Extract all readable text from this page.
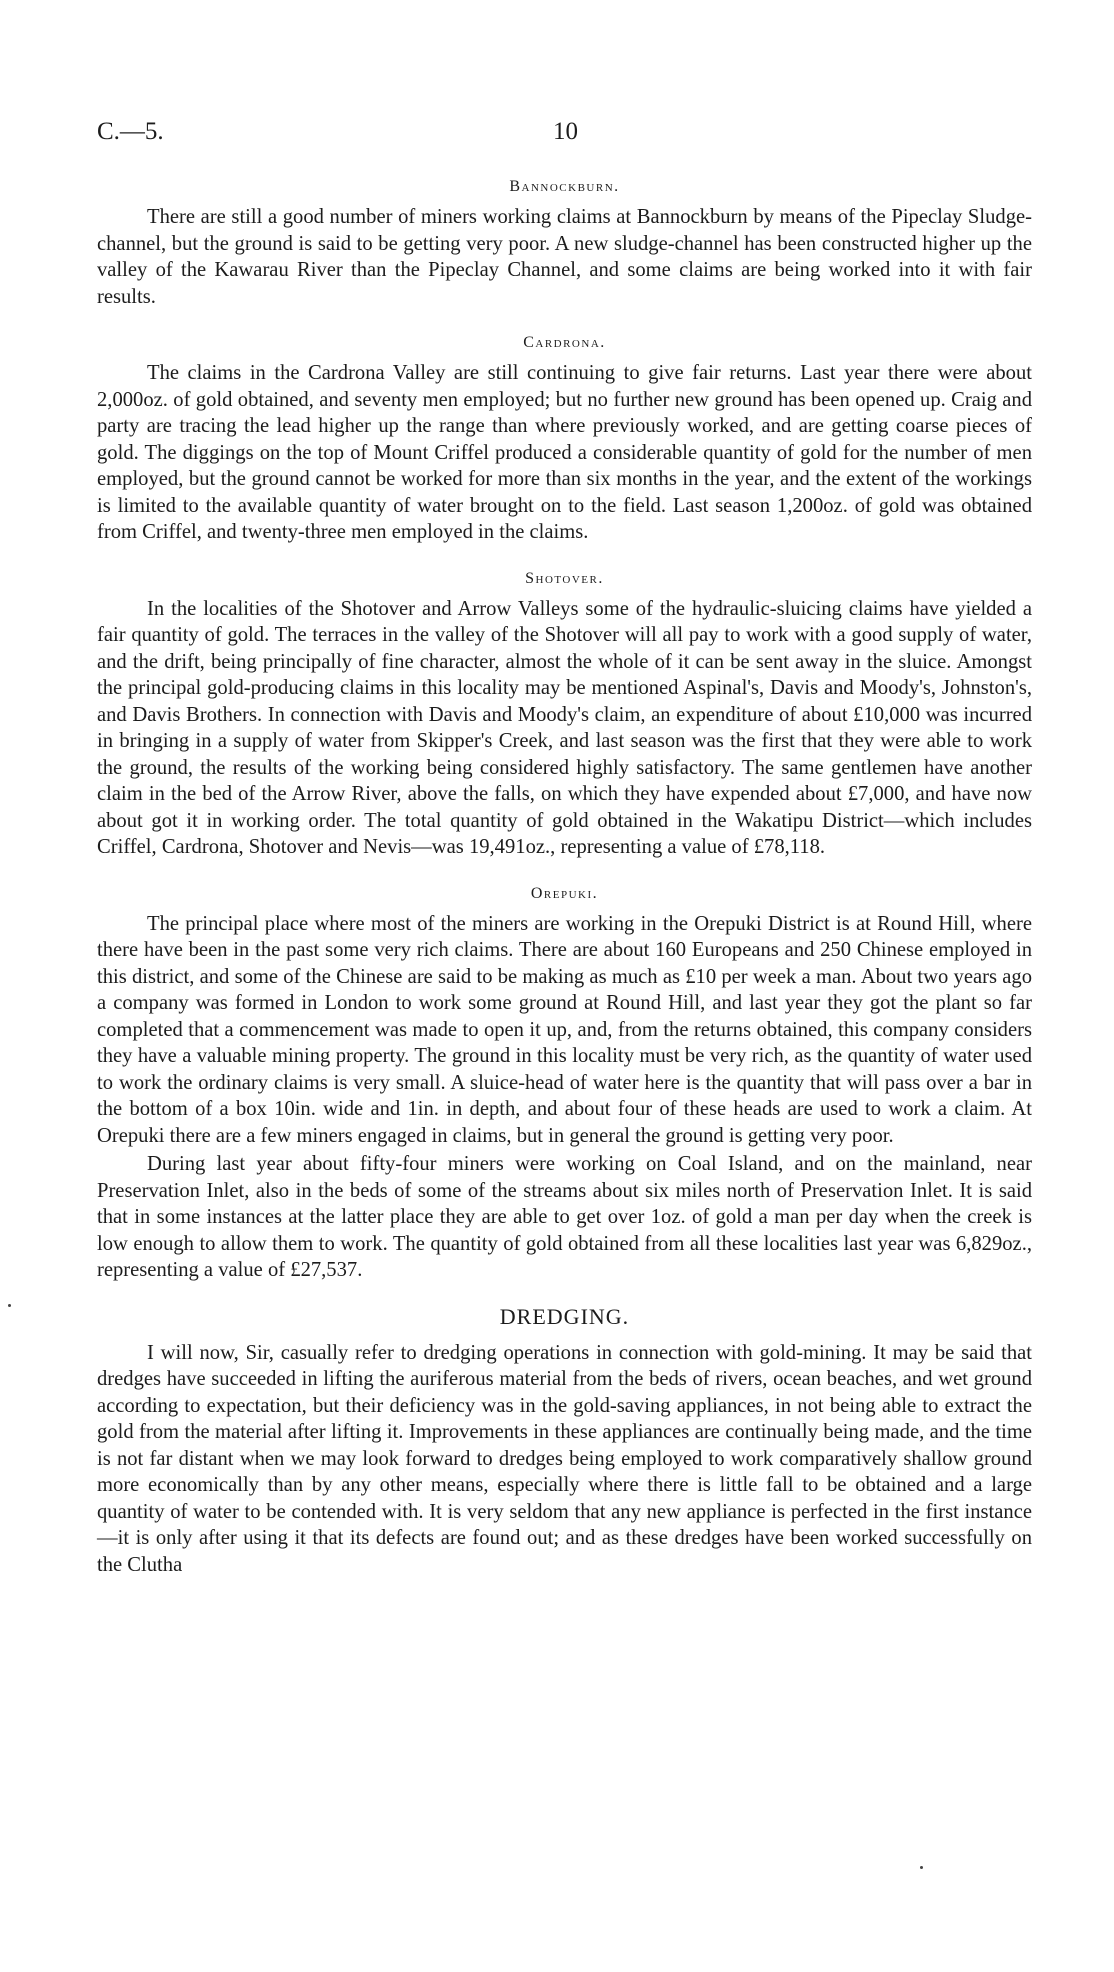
C.—5.	10
Bannockburn.

There are still a good number of miners working claims at Bannockburn by means of the Pipeclay Sludge-channel, but the ground is said to be getting very poor. A new sludge-channel has been constructed higher up the valley of the Kawarau River than the Pipeclay Channel, and some claims are being worked into it with fair results.

Cardrona.

The claims in the Cardrona Valley are still continuing to give fair returns. Last year there were about 2,000oz. of gold obtained, and seventy men employed; but no further new ground has been opened up. Craig and party are tracing the lead higher up the range than where previously worked, and are getting coarse pieces of gold. The diggings on the top of Mount Criffel produced a considerable quantity of gold for the number of men employed, but the ground cannot be worked for more than six months in the year, and the extent of the workings is limited to the available quantity of water brought on to the field. Last season 1,200oz. of gold was obtained from Criffel, and twenty-three men employed in the claims.

Shotover.

In the localities of the Shotover and Arrow Valleys some of the hydraulic-sluicing claims have yielded a fair quantity of gold. The terraces in the valley of the Shotover will all pay to work with a good supply of water, and the drift, being principally of fine character, almost the whole of it can be sent away in the sluice. Amongst the principal gold-producing claims in this locality may be mentioned Aspinal's, Davis and Moody's, Johnston's, and Davis Brothers. In connection with Davis and Moody's claim, an expenditure of about £10,000 was incurred in bringing in a supply of water from Skipper's Creek, and last season was the first that they were able to work the ground, the results of the working being considered highly satisfactory. The same gentlemen have another claim in the bed of the Arrow River, above the falls, on which they have expended about £7,000, and have now about got it in working order. The total quantity of gold obtained in the Wakatipu District—which includes Criffel, Cardrona, Shotover and Nevis—was 19,491oz., representing a value of £78,118.

Orepuki.

The principal place where most of the miners are working in the Orepuki District is at Round Hill, where there have been in the past some very rich claims. There are about 160 Europeans and 250 Chinese employed in this district, and some of the Chinese are said to be making as much as £10 per week a man. About two years ago a company was formed in London to work some ground at Round Hill, and last year they got the plant so far completed that a commencement was made to open it up, and, from the returns obtained, this company considers they have a valuable mining property. The ground in this locality must be very rich, as the quantity of water used to work the ordinary claims is very small. A sluice-head of water here is the quantity that will pass over a bar in the bottom of a box 10in. wide and 1in. in depth, and about four of these heads are used to work a claim. At Orepuki there are a few miners engaged in claims, but in general the ground is getting very poor.

During last year about fifty-four miners were working on Coal Island, and on the mainland, near Preservation Inlet, also in the beds of some of the streams about six miles north of Preservation Inlet. It is said that in some instances at the latter place they are able to get over 1oz. of gold a man per day when the creek is low enough to allow them to work. The quantity of gold obtained from all these localities last year was 6,829oz., representing a value of £27,537.

DREDGING.

I will now, Sir, casually refer to dredging operations in connection with gold-mining. It may be said that dredges have succeeded in lifting the auriferous material from the beds of rivers, ocean beaches, and wet ground according to expectation, but their deficiency was in the gold-saving appliances, in not being able to extract the gold from the material after lifting it. Improvements in these appliances are continually being made, and the time is not far distant when we may look forward to dredges being employed to work comparatively shallow ground more economically than by any other means, especially where there is little fall to be obtained and a large quantity of water to be contended with. It is very seldom that any new appliance is perfected in the first instance—it is only after using it that its defects are found out; and as these dredges have been worked successfully on the Clutha
